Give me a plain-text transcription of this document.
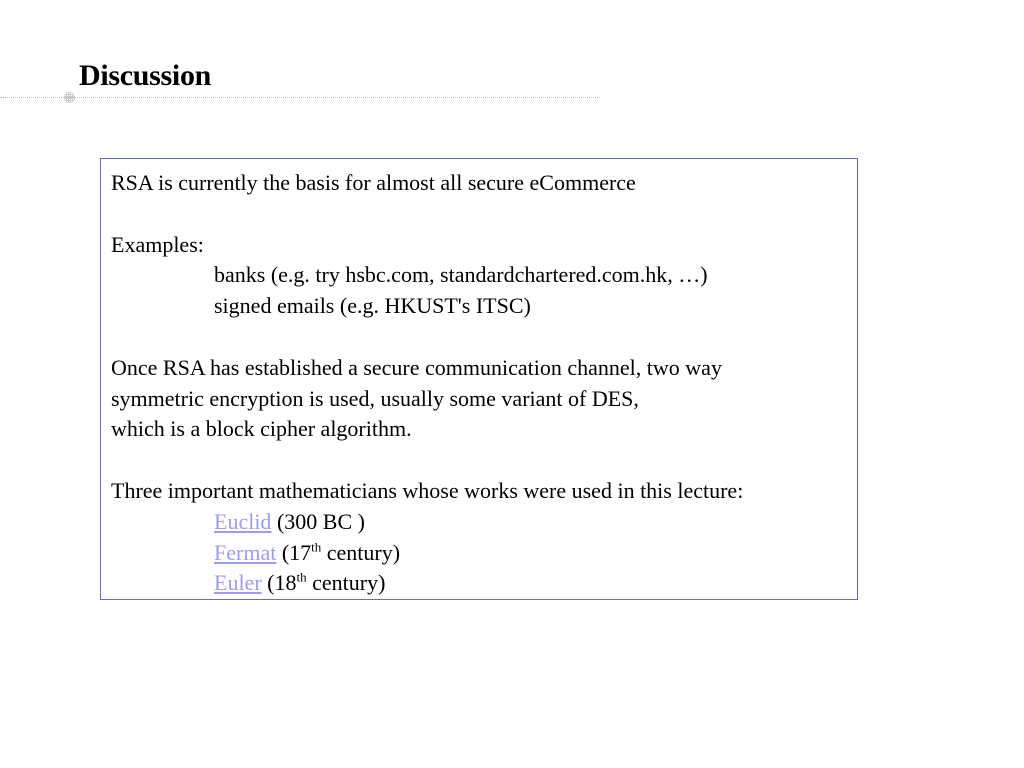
Discussion
RSA is currently the basis for almost all secure eCommerce
Examples:
banks (e.g. try hsbc.com, standardchartered.com.hk, …)
signed emails (e.g. HKUST's ITSC)
Once RSA has established a secure communication channel, two way
symmetric encryption is used, usually some variant of DES,
which is a block cipher algorithm.
Three important mathematicians whose works were used in this lecture:
Euclid (300 BC )
Fermat (17th century)
Euler (18th century)
